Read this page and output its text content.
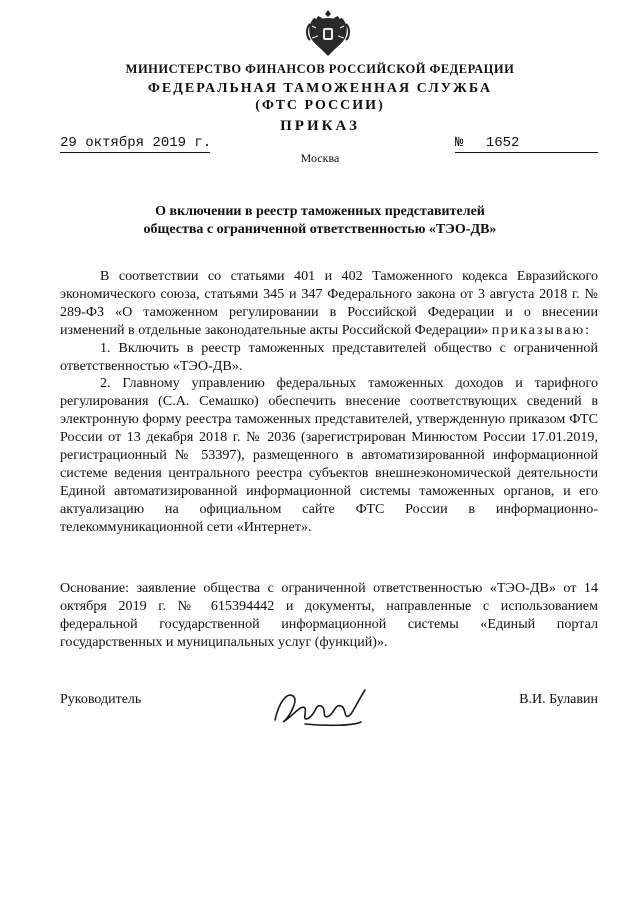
МИНИСТЕРСТВО ФИНАНСОВ РОССИЙСКОЙ ФЕДЕРАЦИИ
ФЕДЕРАЛЬНАЯ ТАМОЖЕННАЯ СЛУЖБА
(ФТС РОССИИ)
ПРИКАЗ
29 октября 2019 г.	№ 1652
Москва
О включении в реестр таможенных представителей
общества с ограниченной ответственностью «ТЭО-ДВ»

В соответствии со статьями 401 и 402 Таможенного кодекса Евразийского экономического союза, статьями 345 и 347 Федерального закона от 3 августа 2018 г. № 289-ФЗ «О таможенном регулировании в Российской Федерации и о внесении изменений в отдельные законодательные акты Российской Федерации» приказываю:

1. Включить в реестр таможенных представителей общество с ограниченной ответственностью «ТЭО-ДВ».

2. Главному управлению федеральных таможенных доходов и тарифного регулирования (С.А. Семашко) обеспечить внесение соответствующих сведений в электронную форму реестра таможенных представителей, утвержденную приказом ФТС России от 13 декабря 2018 г. № 2036 (зарегистрирован Минюстом России 17.01.2019, регистрационный № 53397), размещенного в автоматизированной информационной системе ведения центрального реестра субъектов внешнеэкономической деятельности Единой автоматизированной информационной системы таможенных органов, и его актуализацию на официальном сайте ФТС России в информационно-телекоммуникационной сети «Интернет».

Основание: заявление общества с ограниченной ответственностью «ТЭО-ДВ» от 14 октября 2019 г. № 615394442 и документы, направленные с использованием федеральной государственной информационной системы «Единый портал государственных и муниципальных услуг (функций)».

Руководитель	В.И. Булавин
